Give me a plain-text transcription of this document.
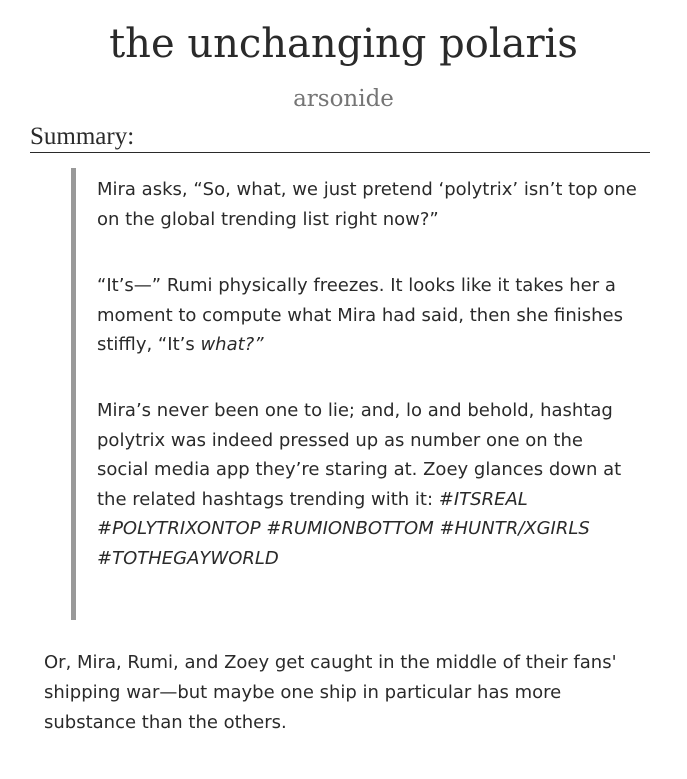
the unchanging polaris
arsonide
Summary:

Mira asks, “So, what, we just pretend ‘polytrix’ isn’t top one on the global trending list right now?”

“It’s—” Rumi physically freezes. It looks like it takes her a moment to compute what Mira had said, then she finishes stiffly, “It’s what?”

Mira’s never been one to lie; and, lo and behold, hashtag polytrix was indeed pressed up as number one on the social media app they’re staring at. Zoey glances down at the related hashtags trending with it: #ITSREAL #POLYTRIXONTOP #RUMIONBOTTOM #HUNTR/XGIRLS #TOTHEGAYWORLD

Or, Mira, Rumi, and Zoey get caught in the middle of their fans' shipping war—but maybe one ship in particular has more substance than the others.
